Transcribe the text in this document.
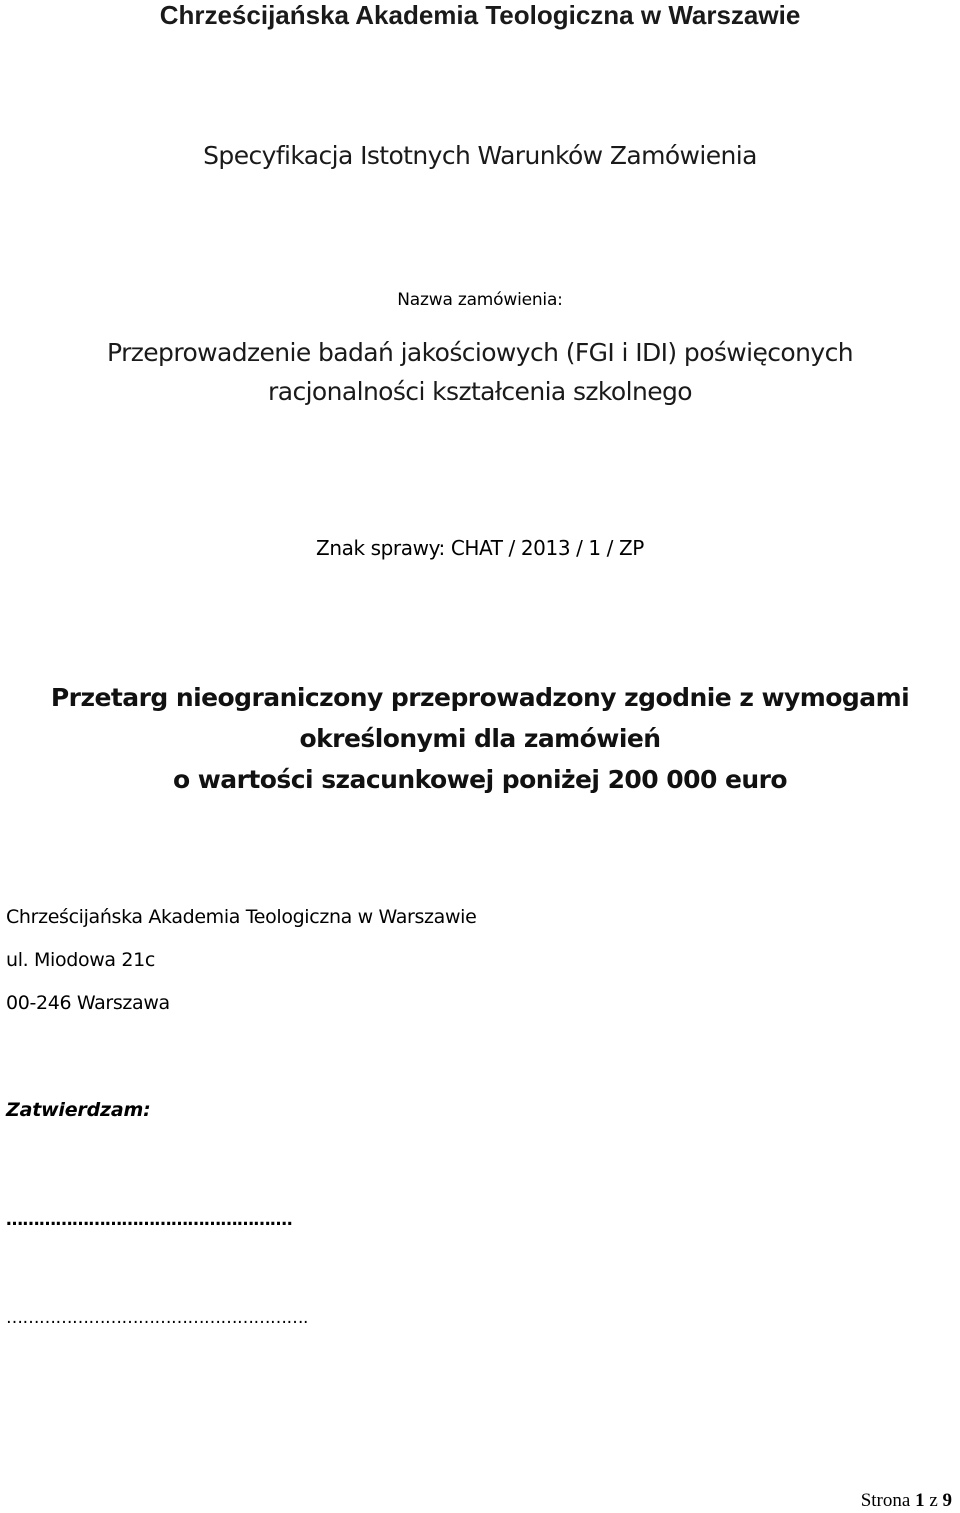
Chrześcijańska Akademia Teologiczna w Warszawie
Specyfikacja Istotnych Warunków Zamówienia
Nazwa zamówienia:
Przeprowadzenie badań jakościowych (FGI i IDI) poświęconych
racjonalności kształcenia szkolnego
Znak sprawy: CHAT / 2013 / 1 / ZP
Przetarg nieograniczony przeprowadzony zgodnie z wymogami
określonymi dla zamówień
o wartości szacunkowej poniżej 200 000 euro
Chrześcijańska Akademia Teologiczna w Warszawie
ul. Miodowa 21c
00-246 Warszawa
Zatwierdzam:
…………………………………………….
……………………………………………….
Strona 1 z 9
